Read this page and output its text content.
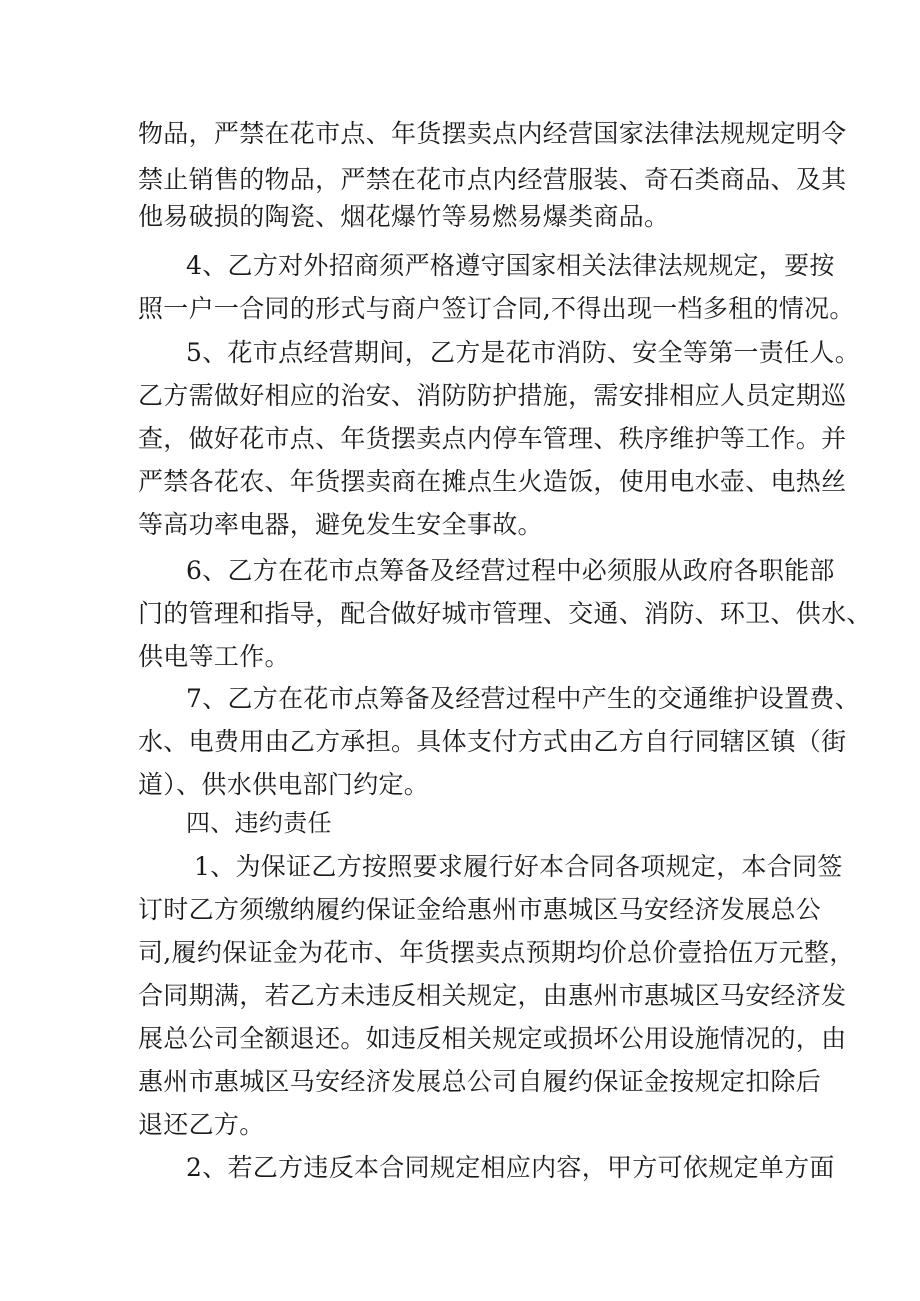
物品，严禁在花市点、年货摆卖点内经营国家法律法规规定明令
禁止销售的物品，严禁在花市点内经营服装、奇石类商品、及其
他易破损的陶瓷、烟花爆竹等易燃易爆类商品。
4、乙方对外招商须严格遵守国家相关法律法规规定，要按
照一户一合同的形式与商户签订合同,不得出现一档多租的情况。
5、花市点经营期间，乙方是花市消防、安全等第一责任人。
乙方需做好相应的治安、消防防护措施，需安排相应人员定期巡
查，做好花市点、年货摆卖点内停车管理、秩序维护等工作。并
严禁各花农、年货摆卖商在摊点生火造饭，使用电水壶、电热丝
等高功率电器，避免发生安全事故。
6、乙方在花市点筹备及经营过程中必须服从政府各职能部
门的管理和指导，配合做好城市管理、交通、消防、环卫、供水、
供电等工作。
7、乙方在花市点筹备及经营过程中产生的交通维护设置费、
水、电费用由乙方承担。具体支付方式由乙方自行同辖区镇（街
道）、供水供电部门约定。
四、违约责任
1、为保证乙方按照要求履行好本合同各项规定，本合同签
订时乙方须缴纳履约保证金给惠州市惠城区马安经济发展总公
司,履约保证金为花市、年货摆卖点预期均价总价壹拾伍万元整，
合同期满，若乙方未违反相关规定，由惠州市惠城区马安经济发
展总公司全额退还。如违反相关规定或损坏公用设施情况的，由
惠州市惠城区马安经济发展总公司自履约保证金按规定扣除后
退还乙方。
2、若乙方违反本合同规定相应内容，甲方可依规定单方面
